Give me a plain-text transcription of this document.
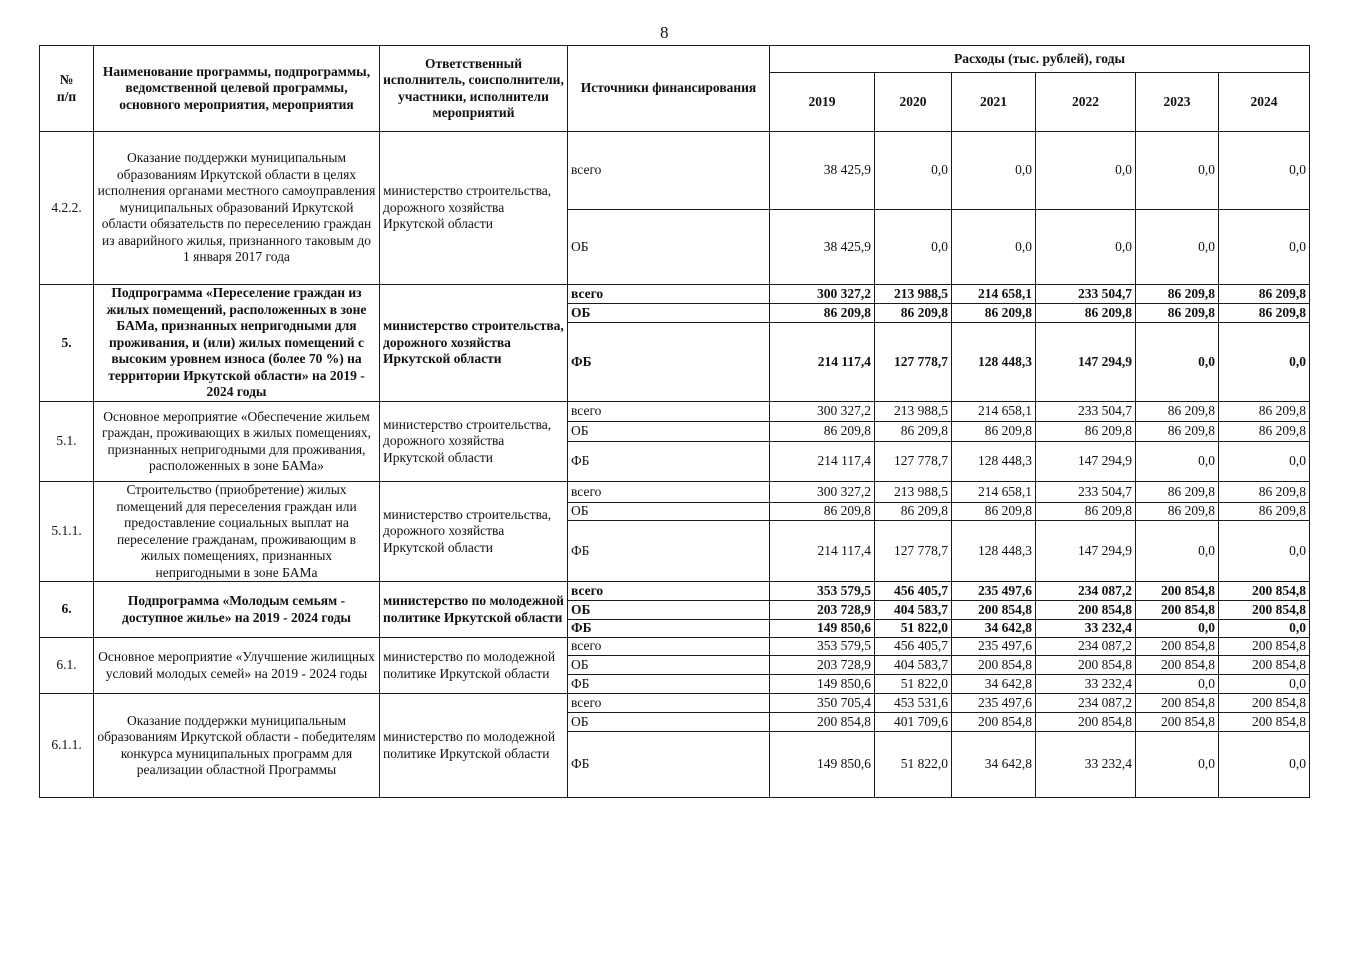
8
№
п/п	Наименование программы, подпрограммы, ведомственной целевой программы, основного мероприятия, мероприятия	Ответственный исполнитель, соисполнители, участники, исполнители мероприятий	Источники финансирования	Расходы (тыс. рублей), годы					
				2019	2020	2021	2022	2023	2024
4.2.2.	Оказание поддержки муниципальным образованиям Иркутской области в целях исполнения органами местного самоуправления муниципальных образований Иркутской области обязательств по переселению граждан из аварийного жилья, признанного таковым до 1 января 2017 года	министерство строительства, дорожного хозяйства Иркутской области	всего	38 425,9	0,0	0,0	0,0	0,0	0,0
			ОБ	38 425,9	0,0	0,0	0,0	0,0	0,0
5.	Подпрограмма «Переселение граждан из жилых помещений, расположенных в зоне БАМа, признанных непригодными для проживания, и (или) жилых помещений с высоким уровнем износа (более 70 %) на территории Иркутской области» на 2019 - 2024 годы	министерство строительства, дорожного хозяйства Иркутской области	всего	300 327,2	213 988,5	214 658,1	233 504,7	86 209,8	86 209,8
			ОБ	86 209,8	86 209,8	86 209,8	86 209,8	86 209,8	86 209,8
			ФБ	214 117,4	127 778,7	128 448,3	147 294,9	0,0	0,0
5.1.	Основное мероприятие «Обеспечение жильем граждан, проживающих в жилых помещениях, признанных непригодными для проживания, расположенных в зоне БАМа»	министерство строительства, дорожного хозяйства Иркутской области	всего	300 327,2	213 988,5	214 658,1	233 504,7	86 209,8	86 209,8
			ОБ	86 209,8	86 209,8	86 209,8	86 209,8	86 209,8	86 209,8
			ФБ	214 117,4	127 778,7	128 448,3	147 294,9	0,0	0,0
5.1.1.	Строительство (приобретение) жилых помещений для переселения граждан или предоставление социальных выплат на переселение гражданам, проживающим в жилых помещениях, признанных непригодными в зоне БАМа	министерство строительства, дорожного хозяйства Иркутской области	всего	300 327,2	213 988,5	214 658,1	233 504,7	86 209,8	86 209,8
			ОБ	86 209,8	86 209,8	86 209,8	86 209,8	86 209,8	86 209,8
			ФБ	214 117,4	127 778,7	128 448,3	147 294,9	0,0	0,0
6.	Подпрограмма «Молодым семьям - доступное жилье» на 2019 - 2024 годы	министерство по молодежной политике Иркутской области	всего	353 579,5	456 405,7	235 497,6	234 087,2	200 854,8	200 854,8
			ОБ	203 728,9	404 583,7	200 854,8	200 854,8	200 854,8	200 854,8
			ФБ	149 850,6	51 822,0	34 642,8	33 232,4	0,0	0,0
6.1.	Основное мероприятие «Улучшение жилищных условий молодых семей» на 2019 - 2024 годы	министерство по молодежной политике Иркутской области	всего	353 579,5	456 405,7	235 497,6	234 087,2	200 854,8	200 854,8
			ОБ	203 728,9	404 583,7	200 854,8	200 854,8	200 854,8	200 854,8
			ФБ	149 850,6	51 822,0	34 642,8	33 232,4	0,0	0,0
6.1.1.	Оказание поддержки муниципальным образованиям Иркутской области - победителям конкурса муниципальных программ для реализации областной Программы	министерство по молодежной политике Иркутской области	всего	350 705,4	453 531,6	235 497,6	234 087,2	200 854,8	200 854,8
			ОБ	200 854,8	401 709,6	200 854,8	200 854,8	200 854,8	200 854,8
			ФБ	149 850,6	51 822,0	34 642,8	33 232,4	0,0	0,0
